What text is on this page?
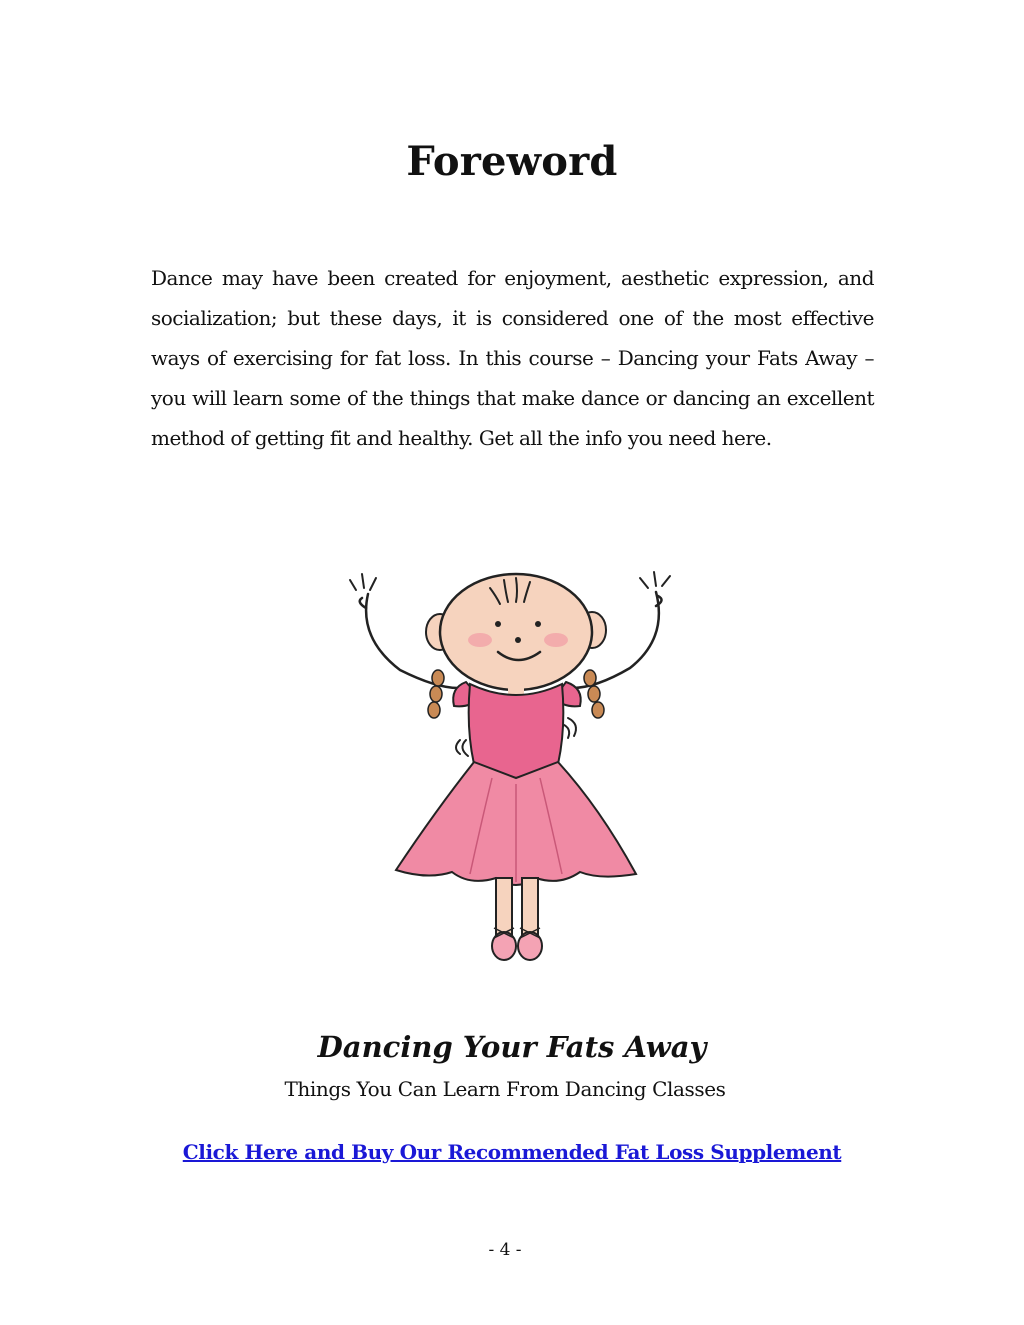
Foreword

Dance may have been created for enjoyment, aesthetic expression, and socialization; but these days, it is considered one of the most effective ways of exercising for fat loss. In this course – Dancing your Fats Away – you will learn some of the things that make dance or dancing an excellent method of getting fit and healthy. Get all the info you need here.

Dancing Your Fats Away

Things You Can Learn From Dancing Classes

Click Here and Buy Our Recommended Fat Loss Supplement

- 4 -
